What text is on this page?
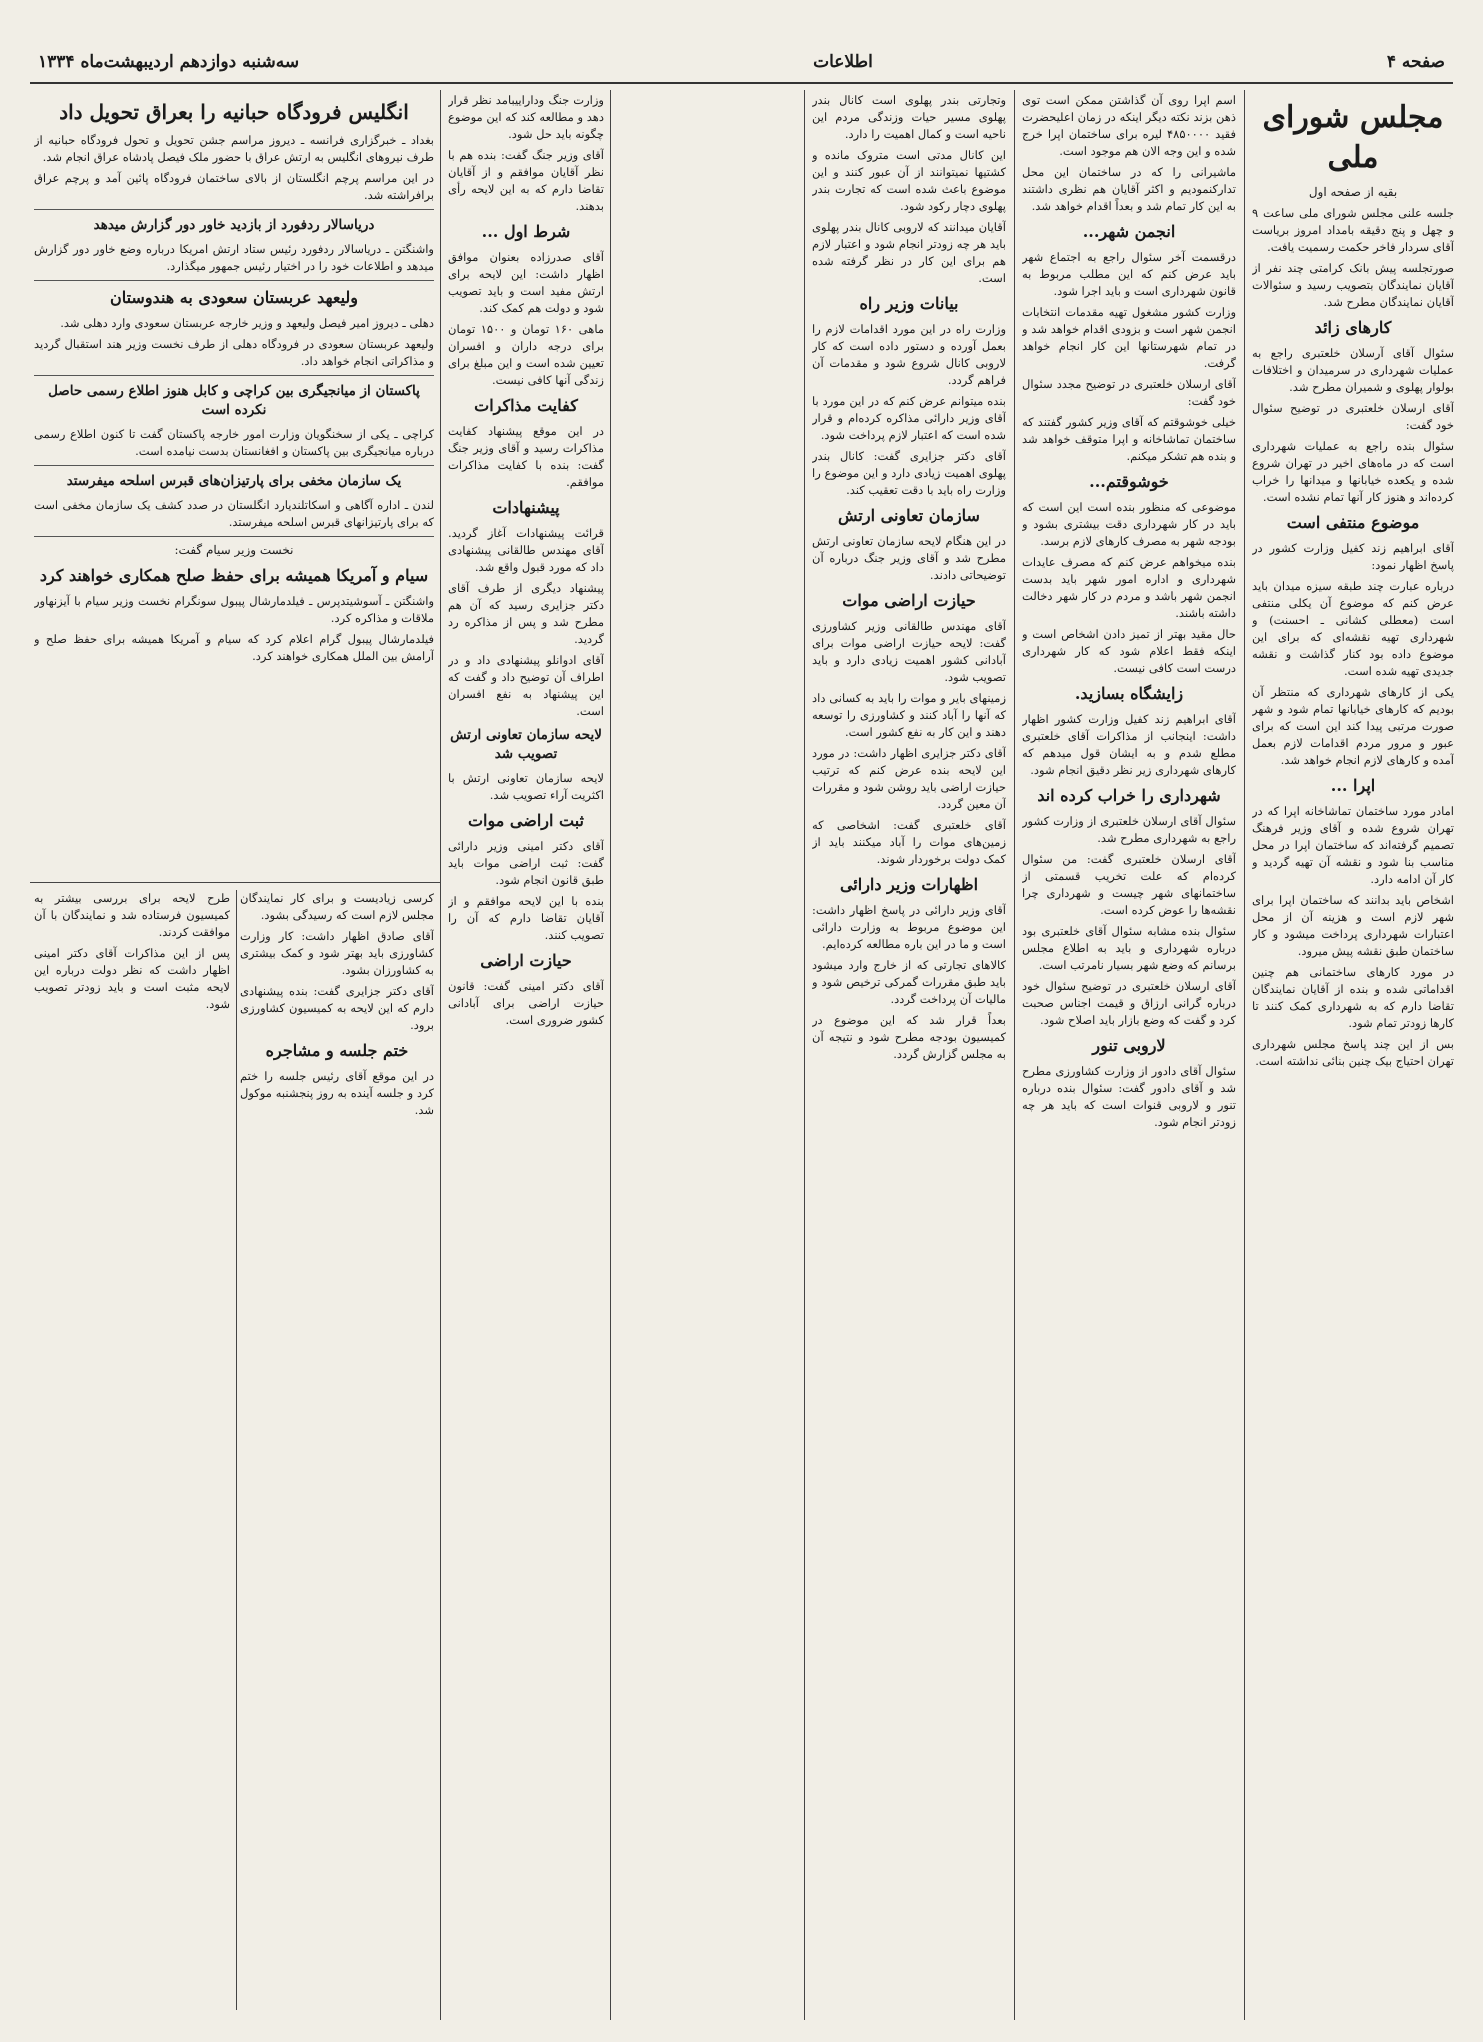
صفحه ۴
اطلاعات
سه‌شنبه دوازدهم اردیبهشت‌ماه ۱۳۳۴
مجلس شورای ملی
بقیه از صفحه اول

جلسه علنی مجلس شورای ملی ساعت ۹ و چهل و پنج دقیقه بامداد امروز بریاست آقای سردار فاخر حکمت رسمیت یافت.

صورتجلسه پیش بانک کرامتی چند نفر از آقایان نمایندگان بتصویب رسید و سئوالات آقایان نمایندگان مطرح شد.

کارهای زائد

سئوال آقای آرسلان خلعتبری راجع به عملیات شهرداری در سرمیدان و اختلافات بولوار پهلوی و شمیران مطرح شد.

آقای ارسلان خلعتبری در توضیح سئوال خود گفت:

سئوال بنده راجع به عملیات شهرداری است که در ماه‌های اخیر در تهران شروع شده و یکعده خیابانها و میدانها را خراب کرده‌اند و هنوز کار آنها تمام نشده است.

موضوع منتفی است

آقای ابراهیم زند کفیل وزارت کشور در پاسخ اظهار نمود:

درباره عبارت چند طبقه سیزه میدان باید عرض کنم که موضوع آن یکلی منتفی است (معطلی کشانی ـ احسنت) و شهرداری تهیه نقشه‌ای که برای این موضوع داده بود کنار گذاشت و نقشه جدیدی تهیه شده است.

یکی از کارهای شهرداری که منتظر آن بودیم که کارهای خیابانها تمام شود و شهر صورت مرتبی پیدا کند این است که برای عبور و مرور مردم اقدامات لازم بعمل آمده و کارهای لازم انجام خواهد شد.

اپرا ...

امادر مورد ساختمان تماشاخانه اپرا که در تهران شروع شده و آقای وزیر فرهنگ تصمیم گرفته‌اند که ساختمان اپرا در محل مناسب بنا شود و نقشه آن تهیه گردید و کار آن ادامه دارد.

اشخاص باید بدانند که ساختمان اپرا برای شهر لازم است و هزینه آن از محل اعتبارات شهرداری پرداخت میشود و کار ساختمان طبق نقشه پیش میرود.

در مورد کارهای ساختمانی هم چنین اقداماتی شده و بنده از آقایان نمایندگان تقاضا دارم که به شهرداری کمک کنند تا کارها زودتر تمام شود.

بس از این چند پاسخ مجلس شهرداری تهران احتیاج بیک چنین بنائی نداشته است.

اسم اپرا روی آن گذاشتن ممکن است توی ذهن بزند نکته دیگر اینکه در زمان اعلیحضرت فقید ۴۸۵۰۰۰۰ لیره برای ساختمان اپرا خرج شده و این وجه الان هم موجود است.

ماشیرانی را که در ساختمان این محل تدارکنمودیم و اکثر آقایان هم نظری داشتند به این کار تمام شد و بعداً اقدام خواهد شد.

انجمن شهر...

درقسمت آخر سئوال راجع به اجتماع شهر باید عرض کنم که این مطلب مربوط به قانون شهرداری است و باید اجرا شود.

وزارت کشور مشغول تهیه مقدمات انتخابات انجمن شهر است و بزودی اقدام خواهد شد و در تمام شهرستانها این کار انجام خواهد گرفت.

آقای ارسلان خلعتبری در توضیح مجدد سئوال خود گفت:

خیلی خوشوقتم که آقای وزیر کشور گفتند که ساختمان تماشاخانه و اپرا متوقف خواهد شد و بنده هم تشکر میکنم.

خوشوقتم...

موضوعی که منظور بنده است این است که باید در کار شهرداری دقت بیشتری بشود و بودجه شهر به مصرف کارهای لازم برسد.

بنده میخواهم عرض کنم که مصرف عایدات شهرداری و اداره امور شهر باید بدست انجمن شهر باشد و مردم در کار شهر دخالت داشته باشند.

حال مقید بهتر از تمیز دادن اشخاص است و اینکه فقط اعلام شود که کار شهرداری درست است کافی نیست.

زایشگاه بسازید.

آقای ابراهیم زند کفیل وزارت کشور اظهار داشت: اینجانب از مذاکرات آقای خلعتبری مطلع شدم و به ایشان قول میدهم که کارهای شهرداری زیر نظر دقیق انجام شود.

شهرداری را خراب کرده اند

سئوال آقای ارسلان خلعتبری از وزارت کشور راجع به شهرداری مطرح شد.

آقای ارسلان خلعتبری گفت: من سئوال کرده‌ام که علت تخریب قسمتی از ساختمانهای شهر چیست و شهرداری چرا نقشه‌ها را عوض کرده است.

سئوال بنده مشابه سئوال آقای خلعتبری بود درباره شهرداری و باید به اطلاع مجلس برسانم که وضع شهر بسیار نامرتب است.

آقای ارسلان خلعتبری در توضیح سئوال خود درباره گرانی ارزاق و قیمت اجناس صحبت کرد و گفت که وضع بازار باید اصلاح شود.

لاروبی تنور

سئوال آقای دادور از وزارت کشاورزی مطرح شد و آقای دادور گفت: سئوال بنده درباره تنور و لاروبی قنوات است که باید هر چه زودتر انجام شود.

وتجارتی بندر پهلوی است کانال بندر پهلوی مسیر حیات وزندگی مردم این ناحیه است و کمال اهمیت را دارد.

این کانال مدتی است متروک مانده و کشتیها نمیتوانند از آن عبور کنند و این موضوع باعث شده است که تجارت بندر پهلوی دچار رکود شود.

آقایان میدانند که لاروبی کانال بندر پهلوی باید هر چه زودتر انجام شود و اعتبار لازم هم برای این کار در نظر گرفته شده است.

بیانات وزیر راه

وزارت راه در این مورد اقدامات لازم را بعمل آورده و دستور داده است که کار لاروبی کانال شروع شود و مقدمات آن فراهم گردد.

بنده میتوانم عرض کنم که در این مورد با آقای وزیر دارائی مذاکره کرده‌ام و قرار شده است که اعتبار لازم پرداخت شود.

آقای دکتر جزایری گفت: کانال بندر پهلوی اهمیت زیادی دارد و این موضوع را وزارت راه باید با دقت تعقیب کند.

سازمان تعاونی ارتش

در این هنگام لایحه سازمان تعاونی ارتش مطرح شد و آقای وزیر جنگ درباره آن توضیحاتی دادند.

حیازت اراضی موات

آقای مهندس طالقانی وزیر کشاورزی گفت: لایحه حیازت اراضی موات برای آبادانی کشور اهمیت زیادی دارد و باید تصویب شود.

زمینهای بایر و موات را باید به کسانی داد که آنها را آباد کنند و کشاورزی را توسعه دهند و این کار به نفع کشور است.

آقای دکتر جزایری اظهار داشت: در مورد این لایحه بنده عرض کنم که ترتیب حیازت اراضی باید روشن شود و مقررات آن معین گردد.

آقای خلعتبری گفت: اشخاصی که زمین‌های موات را آباد میکنند باید از کمک دولت برخوردار شوند.

اظهارات وزیر دارائی

آقای وزیر دارائی در پاسخ اظهار داشت: این موضوع مربوط به وزارت دارائی است و ما در این باره مطالعه کرده‌ایم.

کالاهای تجارتی که از خارج وارد میشود باید طبق مقررات گمرکی ترخیص شود و مالیات آن پرداخت گردد.

بعداً قرار شد که این موضوع در کمیسیون بودجه مطرح شود و نتیجه آن به مجلس گزارش گردد.

وزارت جنگ وداراییبامد نظر قرار دهد و مطالعه کند که این موضوع چگونه باید حل شود.

آقای وزیر جنگ گفت: بنده هم با نظر آقایان موافقم و از آقایان تقاضا دارم که به این لایحه رأی بدهند.

شرط اول ...

آقای صدرزاده بعنوان موافق اظهار داشت: این لایحه برای ارتش مفید است و باید تصویب شود و دولت هم کمک کند.

ماهی ۱۶۰ تومان و ۱۵۰۰ تومان برای درجه داران و افسران تعیین شده است و این مبلغ برای زندگی آنها کافی نیست.

کفایت مذاکرات

در این موقع پیشنهاد کفایت مذاکرات رسید و آقای وزیر جنگ گفت: بنده با کفایت مذاکرات موافقم.

پیشنهادات

قرائت پیشنهادات آغاز گردید. آقای مهندس طالقانی پیشنهادی داد که مورد قبول واقع شد.

پیشنهاد دیگری از طرف آقای دکتر جزایری رسید که آن هم مطرح شد و پس از مذاکره رد گردید.

آقای ادوانلو پیشنهادی داد و در اطراف آن توضیح داد و گفت که این پیشنهاد به نفع افسران است.

لایحه سازمان تعاونی ارتش تصویب شد

لایحه سازمان تعاونی ارتش با اکثریت آراء تصویب شد.

ثبت اراضی موات

آقای دکتر امینی وزیر دارائی گفت: ثبت اراضی موات باید طبق قانون انجام شود.

بنده با این لایحه موافقم و از آقایان تقاضا دارم که آن را تصویب کنند.

حیازت اراضی

آقای دکتر امینی گفت: قانون حیازت اراضی برای آبادانی کشور ضروری است.

انگلیس فرودگاه حبانیه را بعراق تحویل داد

بغداد ـ خبرگزاری فرانسه ـ دیروز مراسم جشن تحویل و تحول فرودگاه حبانیه از طرف نیروهای انگلیس به ارتش عراق با حضور ملک فیصل پادشاه عراق انجام شد.

در این مراسم پرچم انگلستان از بالای ساختمان فرودگاه پائین آمد و پرچم عراق برافراشته شد.

دریاسالار ردفورد از بازدید خاور دور گزارش میدهد

واشنگتن ـ دریاسالار ردفورد رئیس ستاد ارتش امریکا درباره وضع خاور دور گزارش میدهد و اطلاعات خود را در اختیار رئیس جمهور میگذارد.

ولیعهد عربستان سعودی به هندوستان

دهلی ـ دیروز امیر فیصل ولیعهد و وزیر خارجه عربستان سعودی وارد دهلی شد.

ولیعهد عربستان سعودی در فرودگاه دهلی از طرف نخست وزیر هند استقبال گردید و مذاکراتی انجام خواهد داد.

پاکستان از میانجیگری بین کراچی و کابل هنوز اطلاع رسمی حاصل نکرده است

کراچی ـ یکی از سخنگویان وزارت امور خارجه پاکستان گفت تا کنون اطلاع رسمی درباره میانجیگری بین پاکستان و افغانستان بدست نیامده است.

یک سازمان مخفی برای پارتیزان‌های قبرس اسلحه میفرستد

لندن ـ اداره آگاهی و اسکاتلندیارد انگلستان در صدد کشف یک سازمان مخفی است که برای پارتیزانهای قبرس اسلحه میفرستد.

نخست وزیر سیام گفت:
سیام و آمریکا همیشه برای حفظ صلح همکاری خواهند کرد

واشنگتن ـ آسوشیتدپرس ـ فیلدمارشال پیبول سونگرام نخست وزیر سیام با آیزنهاور ملاقات و مذاکره کرد.

فیلدمارشال پیبول گرام اعلام کرد که سیام و آمریکا همیشه برای حفظ صلح و آرامش بین الملل همکاری خواهند کرد.

کرسی زیادیست و برای کار نمایندگان مجلس لازم است که رسیدگی بشود.

آقای صادق اظهار داشت: کار وزارت کشاورزی باید بهتر شود و کمک بیشتری به کشاورزان بشود.

آقای دکتر جزایری گفت: بنده پیشنهادی دارم که این لایحه به کمیسیون کشاورزی برود.

ختم جلسه و مشاجره

در این موقع آقای رئیس جلسه را ختم کرد و جلسه آینده به روز پنجشنبه موکول شد.

طرح لایحه برای بررسی بیشتر به کمیسیون فرستاده شد و نمایندگان با آن موافقت کردند.

پس از این مذاکرات آقای دکتر امینی اظهار داشت که نظر دولت درباره این لایحه مثبت است و باید زودتر تصویب شود.
